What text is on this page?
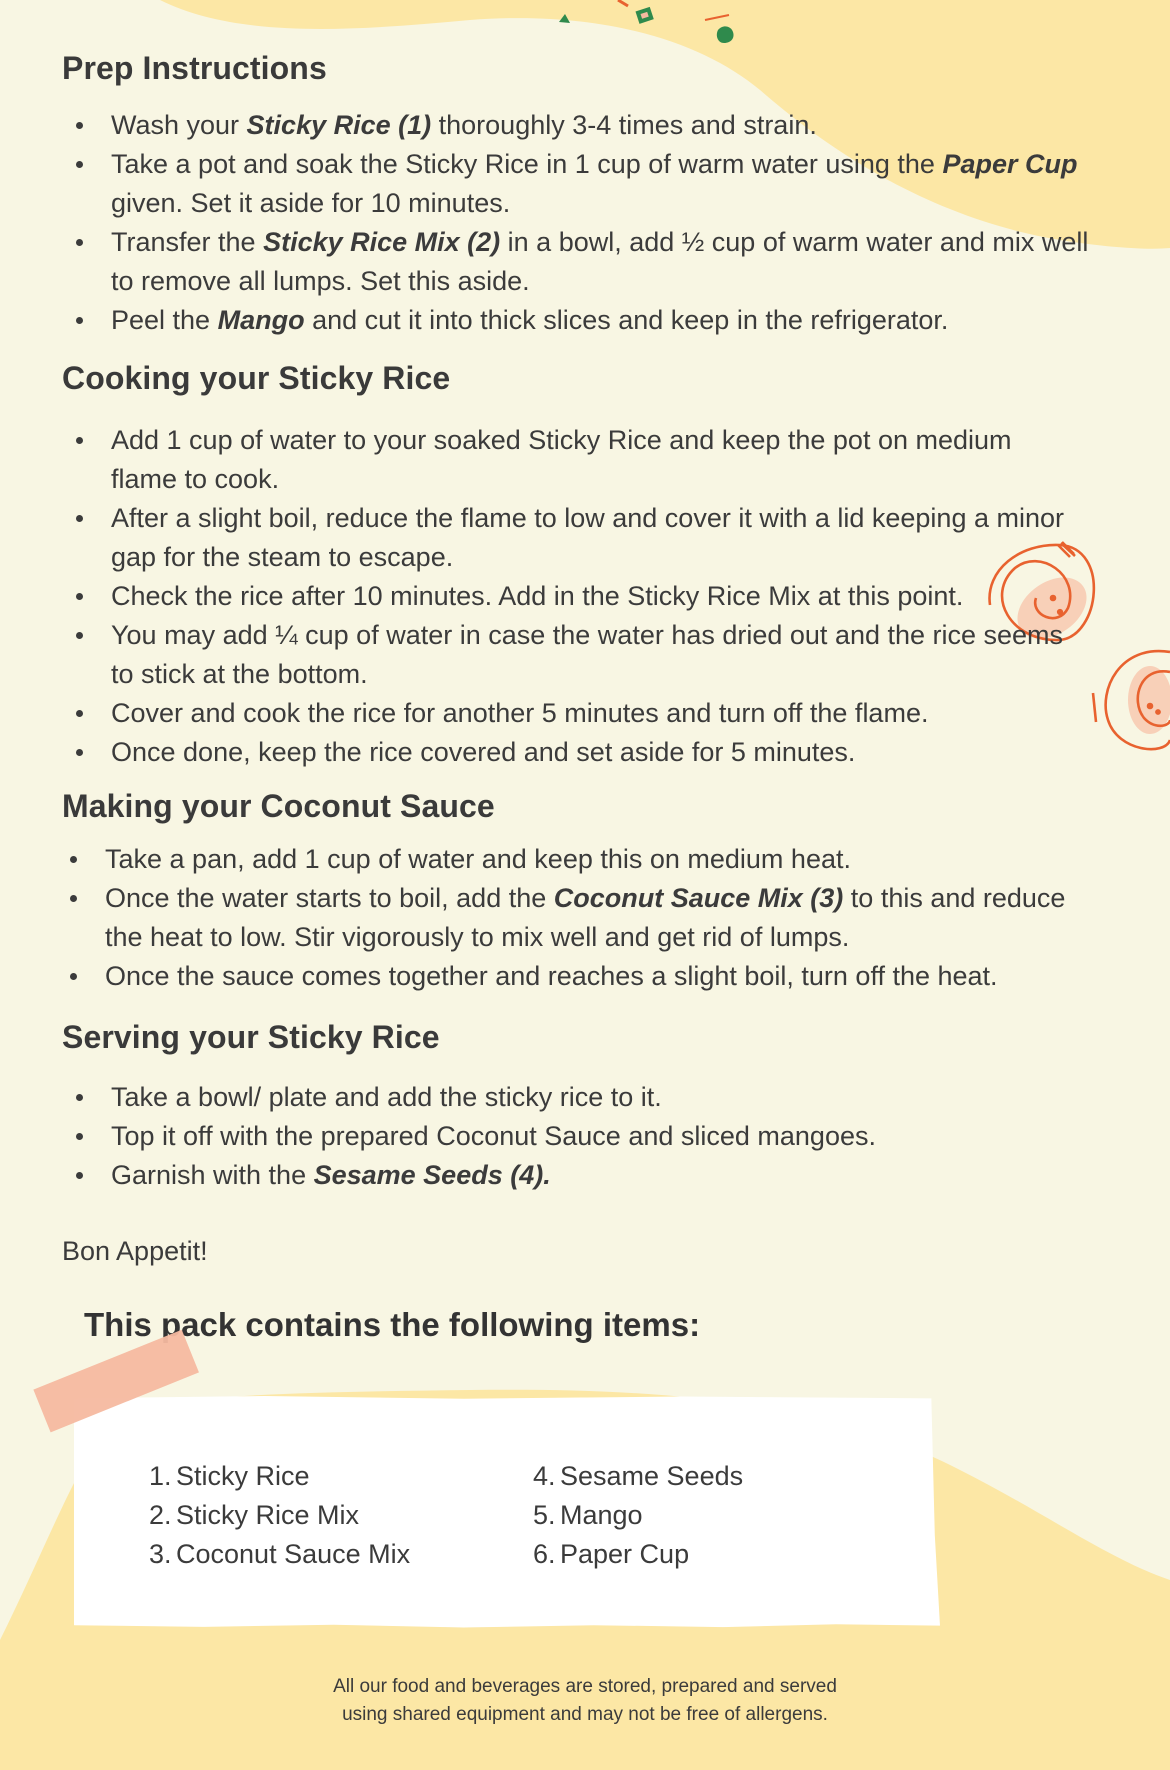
Prep Instructions
Wash your Sticky Rice (1) thoroughly 3-4 times and strain.
Take a pot and soak the Sticky Rice in 1 cup of warm water using the Paper Cup given. Set it aside for 10 minutes.
Transfer the Sticky Rice Mix (2) in a bowl, add ½ cup of warm water and mix well to remove all lumps. Set this aside.
Peel the Mango and cut it into thick slices and keep in the refrigerator.
Cooking your Sticky Rice
Add 1 cup of water to your soaked Sticky Rice and keep the pot on medium flame to cook.
After a slight boil, reduce the flame to low and cover it with a lid keeping a minor gap for the steam to escape.
Check the rice after 10 minutes. Add in the Sticky Rice Mix at this point.
You may add ¼ cup of water in case the water has dried out and the rice seems to stick at the bottom.
Cover and cook the rice for another 5 minutes and turn off the flame.
Once done, keep the rice covered and set aside for 5 minutes.
Making your Coconut Sauce
Take a pan, add 1 cup of water and keep this on medium heat.
Once the water starts to boil, add the Coconut Sauce Mix (3) to this and reduce the heat to low. Stir vigorously to mix well and get rid of lumps.
Once the sauce comes together and reaches a slight boil, turn off the heat.
Serving your Sticky Rice
Take a bowl/ plate and add the sticky rice to it.
Top it off with the prepared Coconut Sauce and sliced mangoes.
Garnish with the Sesame Seeds (4).
Bon Appetit!
This pack contains the following items:
1. Sticky Rice
2. Sticky Rice Mix
3. Coconut Sauce Mix
4. Sesame Seeds
5. Mango
6. Paper Cup
All our food and beverages are stored, prepared and served
using shared equipment and may not be free of allergens.
